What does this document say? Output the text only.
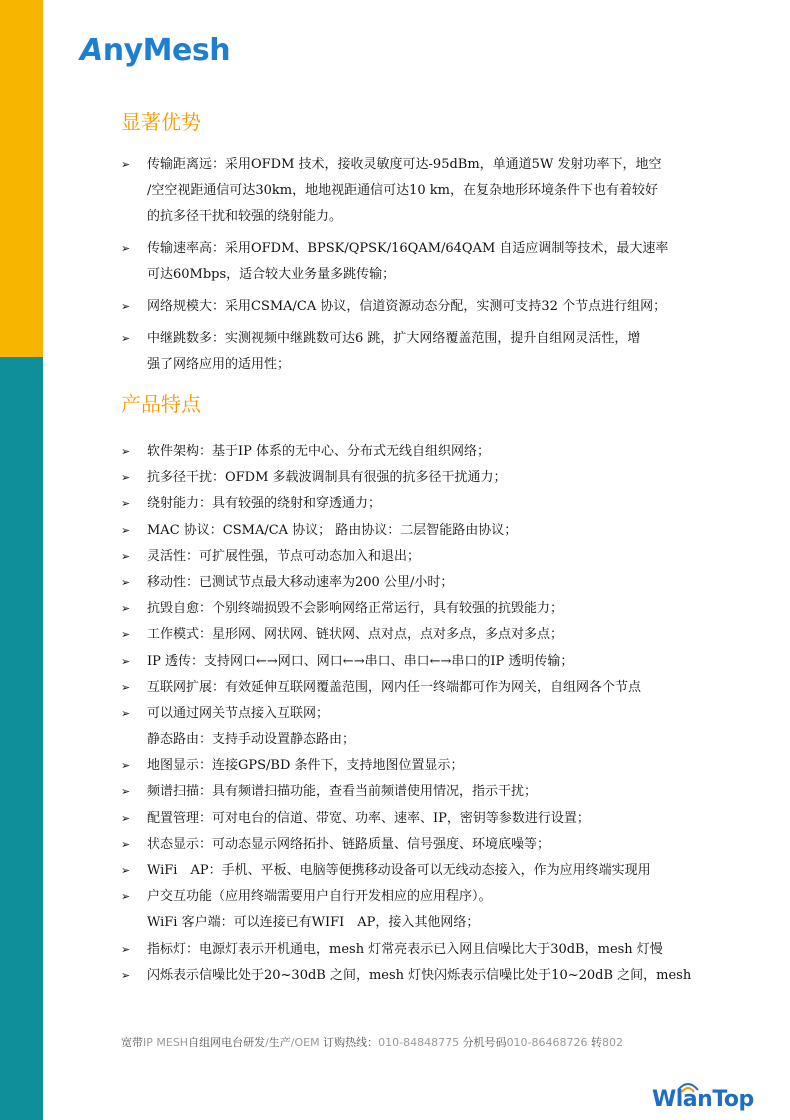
A nyMesh
显著优势
➢	传输距离远：采用OFDM 技术，接收灵敏度可达-95dBm，单通道5W 发射功率下，地空
/空空视距通信可达30km，地地视距通信可达10 km，在复杂地形环境条件下也有着较好
的抗多径干扰和较强的绕射能力。
➢	传输速率高：采用OFDM、BPSK/QPSK/16QAM/64QAM 自适应调制等技术，最大速率
可达60Mbps，适合较大业务量多跳传输；
➢	网络规模大：采用CSMA/CA 协议，信道资源动态分配，实测可支持32 个节点进行组网；
➢	中继跳数多：实测视频中继跳数可达6 跳，扩大网络覆盖范围，提升自组网灵活性，增
强了网络应用的适用性；
产品特点
➢	软件架构：基于IP 体系的无中心、分布式无线自组织网络；
➢	抗多径干扰：OFDM 多载波调制具有很强的抗多径干扰通力；
➢	绕射能力：具有较强的绕射和穿透通力；
➢	MAC 协议：CSMA/CA 协议； 路由协议：二层智能路由协议；
➢	灵活性：可扩展性强，节点可动态加入和退出；
➢	移动性：已测试节点最大移动速率为200 公里/小时；
➢	抗毁自愈：个别终端损毁不会影响网络正常运行，具有较强的抗毁能力；
➢	工作模式：星形网、网状网、链状网、点对点，点对多点，多点对多点；
➢	IP 透传：支持网口←→网口、网口←→串口、串口←→串口的IP 透明传输；
➢	互联网扩展：有效延伸互联网覆盖范围，网内任一终端都可作为网关，自组网各个节点
➢	可以通过网关节点接入互联网；
静态路由：支持手动设置静态路由；
➢	地图显示：连接GPS/BD 条件下，支持地图位置显示；
➢	频谱扫描：具有频谱扫描功能，查看当前频谱使用情况，指示干扰；
➢	配置管理：可对电台的信道、带宽、功率、速率、IP，密钥等参数进行设置；
➢	状态显示：可动态显示网络拓扑、链路质量、信号强度、环境底噪等；
➢	WiFi　AP：手机、平板、电脑等便携移动设备可以无线动态接入，作为应用终端实现用
➢	户交互功能（应用终端需要用户自行开发相应的应用程序）。
WiFi 客户端：可以连接已有WIFI　AP，接入其他网络；
➢	指标灯：电源灯表示开机通电，mesh 灯常亮表示已入网且信噪比大于30dB，mesh 灯慢
➢	闪烁表示信噪比处于20~30dB 之间，mesh 灯快闪烁表示信噪比处于10~20dB 之间，mesh
宽带IP MESH自组网电台研发/生产/OEM 订购热线：010-84848775 分机号码010-86468726 转802
WlanTop
